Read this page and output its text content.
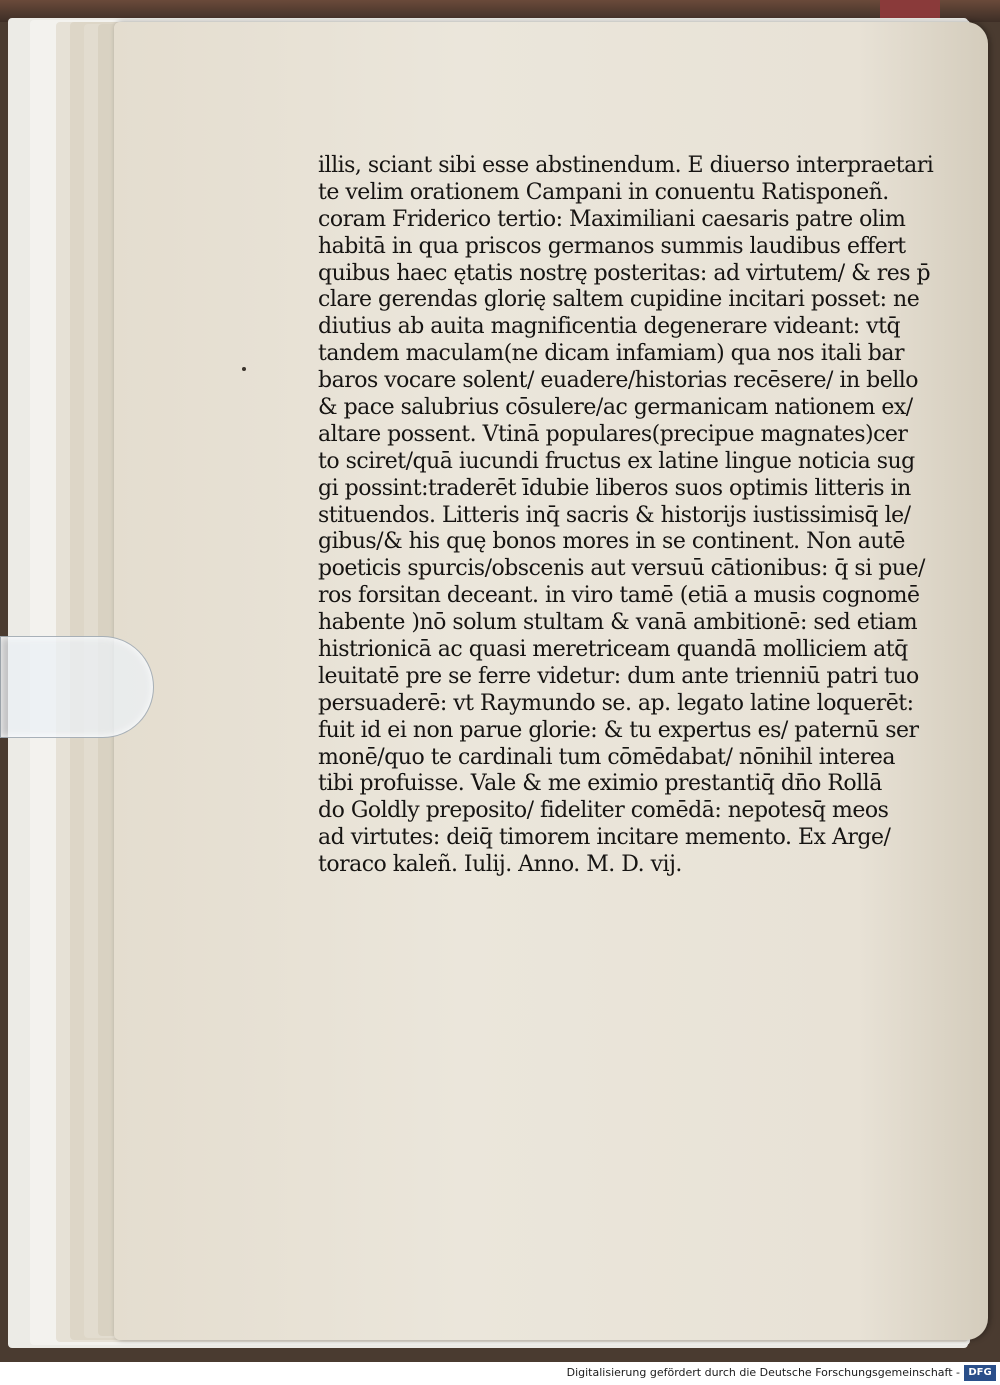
illis, sciant sibi esse abstinendum. E diuerso interpraetari
te velim orationem Campani in conuentu Ratisponeñ.
coram Friderico tertio: Maximiliani caesaris patre olim
habitā in qua priscos germanos summis laudibus effert
quibus haec ętatis nostrę posteritas: ad virtutem/ & res p̄
clare gerendas glorię saltem cupidine incitari posset: ne
diutius ab auita magnificentia degenerare videant̄: vtq̄
tandem maculam(ne dicam infamiam) qua nos itali bar
baros vocare solent/ euadere/historias recēsere/ in bello
& pace salubrius cōsulere/ac germanicam nationem ex/
altare possent. Vtinā populares(precipue magnates)cer
to sciret/quā iucundi fructus ex latine lingue noticia sug
gi possint:traderēt īdubie liberos suos optimis litteris in
stituendos. Litteris inq̄ sacris & historijs iustissimisq̄ le/
gibus/& his quę bonos mores in se continent. Non autē
poeticis spurcis/obscenis aut versuū cātionibus: q̄ si pue/
ros forsitan deceant. in viro tamē (etiā a musis cognomē
habente )nō solum stultam & vanā ambitionē: sed etiam
histrionicā ac quasi meretriceam quandā molliciem atq̄
leuitatē pre se ferre videtur: dum ante trienniū patri tuo
persuaderē: vt Raymundo se. ap. legato latine loquerēt:
fuit id ei non parue glorie: & tu expertus es/ paternū ser
monē/quo te cardinali tum cōmēdabat/ nōnihil interea
tibi profuisse. Vale & me eximio prestantiq̄ dn̄o Rollā
do Goldly preposito/ fideliter comēdā: nepotesq̄ meos
ad virtutes: deiq̄ timorem incitare memento. Ex Arge/
toraco kaleñ. Iulij. Anno. M. D. vij.
Digitalisierung gefördert durch die Deutsche Forschungsgemeinschaft - DFG
